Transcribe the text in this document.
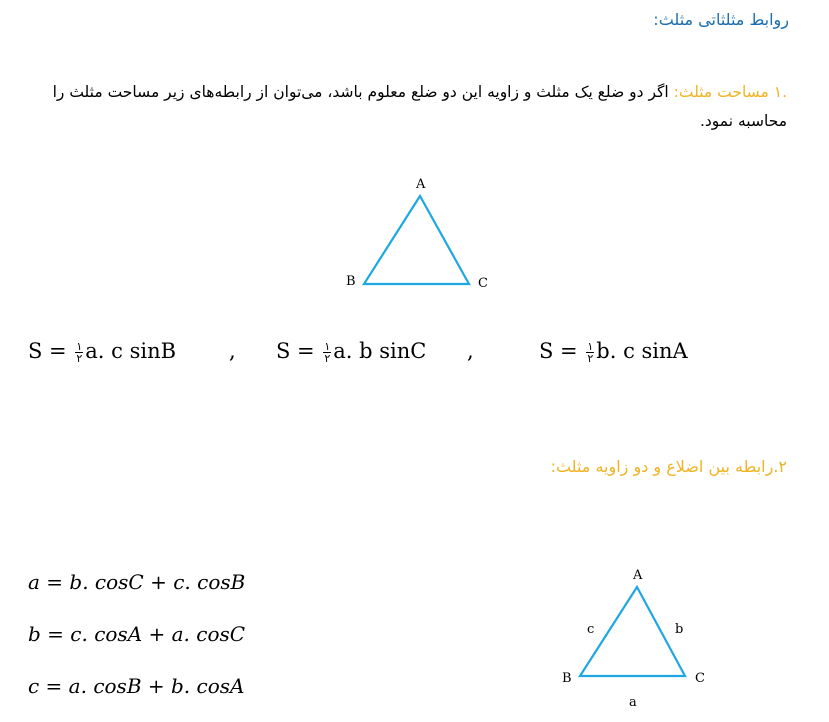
روابط مثلثاتی مثلث:
.۱ مساحت مثلث: اگر دو ضلع یک مثلث و زاویه این دو ضلع معلوم باشد، می‌توان از رابطه‌های زیر مساحت مثلث را محاسبه نمود.
A
B	C
$S = \frac{۱}{۲} a$. c sinB	, $S = \frac{۱}{۲} a$. b sinC ,	$S = \frac{۱}{۲} b$. c sinA
۲.رابطه بین اضلاع و دو زاویه مثلث:
a = b. cosC + c. cosB
b = c. cosA + a. cosC
c = a. cosB + b. cosA
A
B	C
c	b
a
